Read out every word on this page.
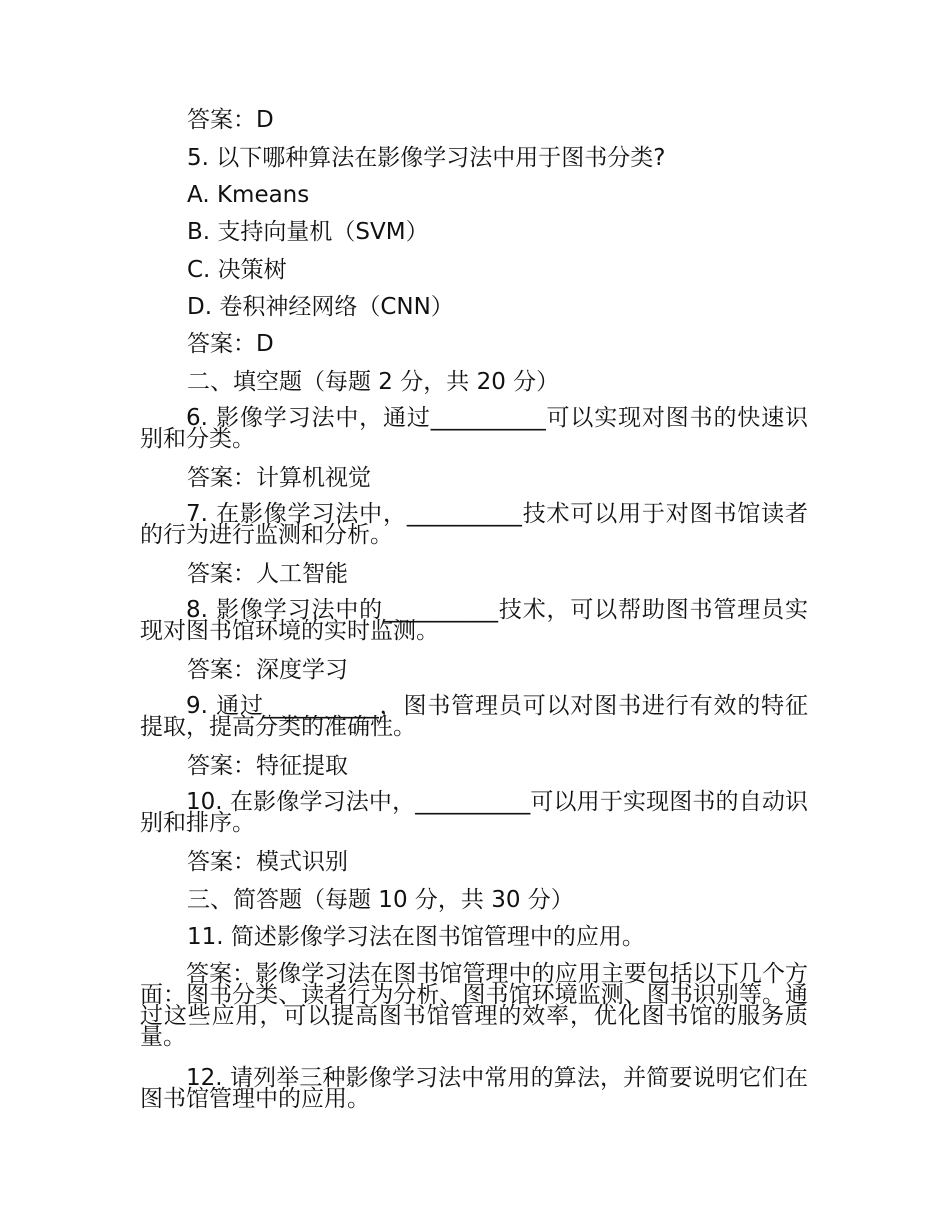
答案：D
5. 以下哪种算法在影像学习法中用于图书分类?
A. Kmeans
B. 支持向量机（SVM）
C. 决策树
D. 卷积神经网络（CNN）
答案：D
二、填空题（每题 2 分，共 20 分）
6. 影像学习法中，通过__________可以实现对图书的快速识别和分类。
答案：计算机视觉
7. 在影像学习法中，__________技术可以用于对图书馆读者的行为进行监测和分析。
答案：人工智能
8. 影像学习法中的__________技术，可以帮助图书管理员实现对图书馆环境的实时监测。
答案：深度学习
9. 通过__________，图书管理员可以对图书进行有效的特征提取，提高分类的准确性。
答案：特征提取
10. 在影像学习法中，__________可以用于实现图书的自动识别和排序。
答案：模式识别
三、简答题（每题 10 分，共 30 分）
11. 简述影像学习法在图书馆管理中的应用。
答案：影像学习法在图书馆管理中的应用主要包括以下几个方面：图书分类、读者行为分析、图书馆环境监测、图书识别等。通过这些应用，可以提高图书馆管理的效率，优化图书馆的服务质量。
12. 请列举三种影像学习法中常用的算法，并简要说明它们在图书馆管理中的应用。
